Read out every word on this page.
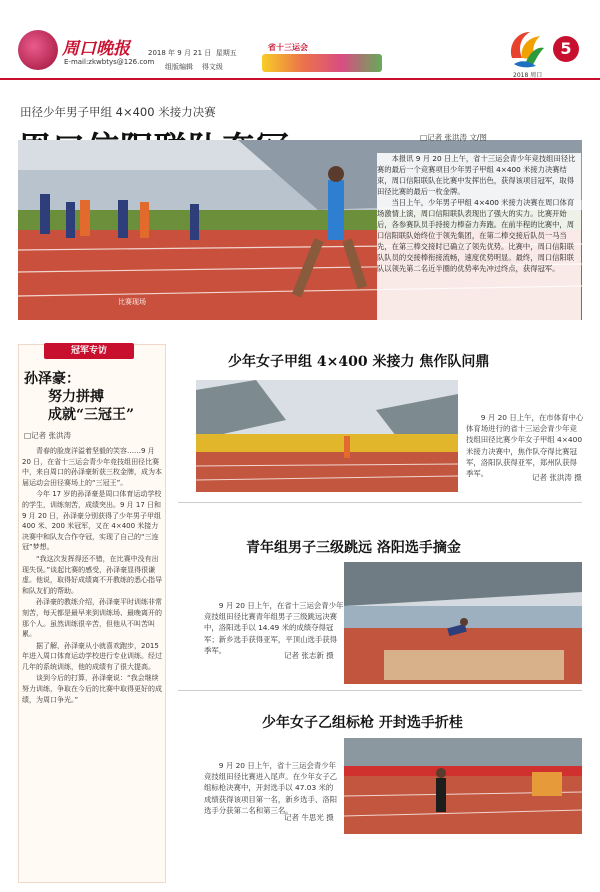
周口晚报
E-mail:zkwbtys@126.com
2018 年 9 月 21 日 星期五
组版编辑 得文级
省十三运会
2018 周口
5
田径少年男子甲组 4×400 米接力决赛
□记者 张洪涛 文/图

本报讯 9 月 20 日上午，省十三运会青少年竞技组田径比赛的最后一个竞赛项目少年男子甲组 4×400 米接力决赛结束，周口信阳联队在比赛中发挥出色，获得该项目冠军，取得田径比赛的最后一枚金牌。

当日上午，少年男子甲组 4×400 米接力决赛在周口体育场激情上演，周口信阳联队表现出了强大的实力。比赛开始后，各参赛队员手持接力棒奋力奔跑。在前半程的比赛中，周口信阳联队始终位于领先集团，在第二棒交接后队员一马当先，在第三棒交接时已确立了领先优势。比赛中，周口信阳联队队员的交接棒衔接流畅，速度优势明显。最终，周口信阳联队以领先第二名近半圈的优势率先冲过终点，获得冠军。

比赛现场
冠军专访
孙泽豪：
努力拼搏
成就“三冠王”
□记者 张洪涛

青春的脸庞洋溢着坚毅的笑容……9 月 20 日，在省十三运会青少年竞技组田径比赛中，来自周口的孙泽豪斩获三枚金牌，成为本届运动会田径赛场上的“三冠王”。

今年 17 岁的孙泽豪是周口体育运动学校的学生，训练刻苦，成绩突出。9 月 17 日和 9 月 20 日，孙泽豪分别获得了少年男子甲组 400 米、200 米冠军，又在 4×400 米接力决赛中和队友合作夺冠，实现了自己的“三连冠”梦想。

“我这次发挥得还不错，在比赛中没有出现失误。”谈起比赛的感受，孙泽豪显得很谦虚。他说，取得好成绩离不开教练的悉心指导和队友们的帮助。

孙泽豪的教练介绍，孙泽豪平时训练非常刻苦，每天都是最早来到训练场、最晚离开的那个人。虽然训练很辛苦，但他从不叫苦叫累。

据了解，孙泽豪从小就喜欢跑步，2015 年进入周口体育运动学校进行专业训练。经过几年的系统训练，他的成绩有了很大提高。

谈到今后的打算，孙泽豪说：“我会继续努力训练，争取在今后的比赛中取得更好的成绩，为周口争光。”

少年女子甲组 4×400 米接力 焦作队问鼎

9 月 20 日上午，在市体育中心体育场进行的省十三运会青少年竞技组田径比赛少年女子甲组 4×400 米接力决赛中，焦作队夺得比赛冠军，洛阳队获得亚军，郑州队获得季军。	记者 张洪涛 摄
青年组男子三级跳远 洛阳选手摘金

9 月 20 日上午，在省十三运会青少年竞技组田径比赛青年组男子三级跳远决赛中，洛阳选手以 14.49 米的成绩夺得冠军；新乡选手获得亚军，平顶山选手获得季军。

记者 张志新 摄
少年女子乙组标枪 开封选手折桂

9 月 20 日上午，省十三运会青少年竞技组田径比赛进入尾声。在少年女子乙组标枪决赛中，开封选手以 47.03 米的成绩获得该项目第一名，新乡选手、洛阳选手分获第二名和第三名。

记者 牛思光 摄
